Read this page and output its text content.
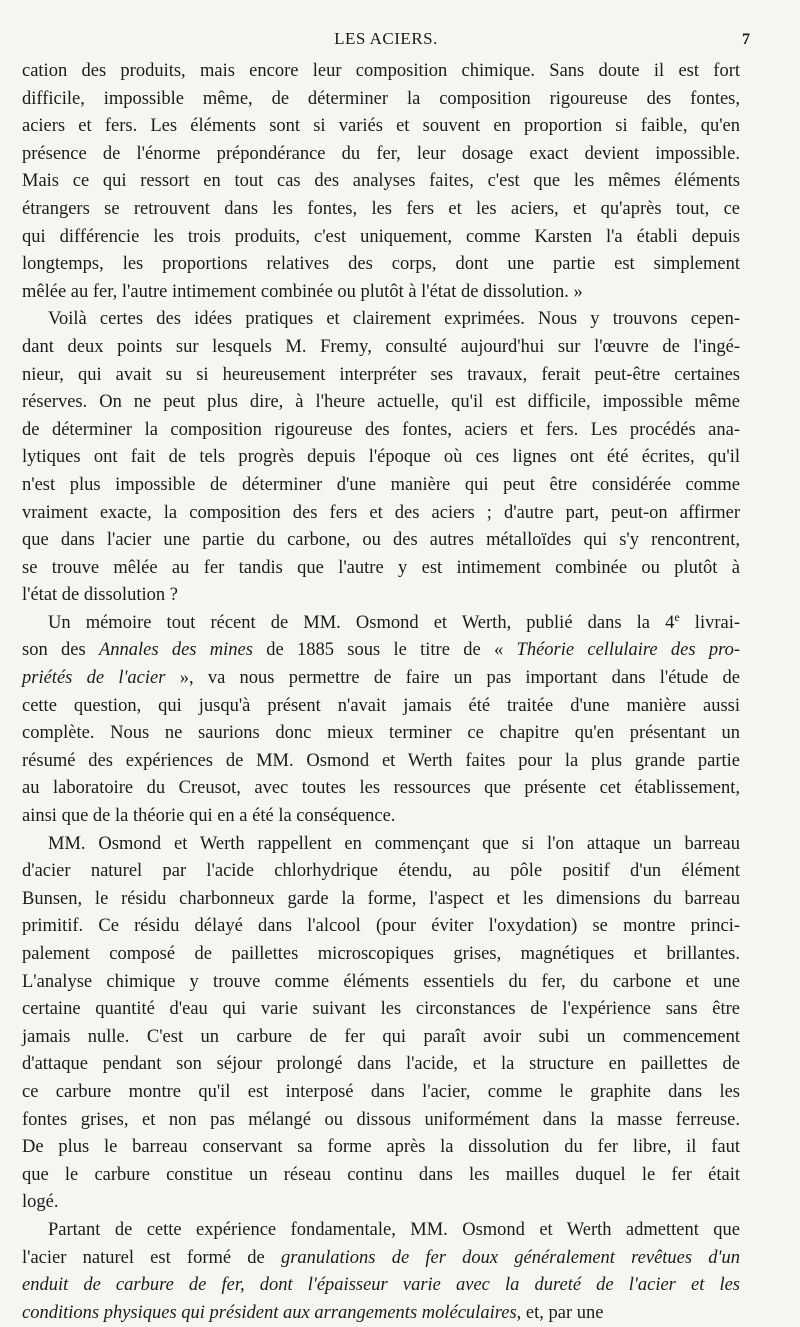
LES ACIERS.	7

cation des produits, mais encore leur composition chimique. Sans doute il est fort
difficile, impossible même, de déterminer la composition rigoureuse des fontes,
aciers et fers. Les éléments sont si variés et souvent en proportion si faible, qu'en
présence de l'énorme prépondérance du fer, leur dosage exact devient impossible.
Mais ce qui ressort en tout cas des analyses faites, c'est que les mêmes éléments
étrangers se retrouvent dans les fontes, les fers et les aciers, et qu'après tout, ce
qui différencie les trois produits, c'est uniquement, comme Karsten l'a établi depuis
longtemps, les proportions relatives des corps, dont une partie est simplement
mêlée au fer, l'autre intimement combinée ou plutôt à l'état de dissolution. »

Voilà certes des idées pratiques et clairement exprimées. Nous y trouvons cepen-
dant deux points sur lesquels M. Fremy, consulté aujourd'hui sur l'œuvre de l'ingé-
nieur, qui avait su si heureusement interpréter ses travaux, ferait peut-être certaines
réserves. On ne peut plus dire, à l'heure actuelle, qu'il est difficile, impossible même
de déterminer la composition rigoureuse des fontes, aciers et fers. Les procédés ana-
lytiques ont fait de tels progrès depuis l'époque où ces lignes ont été écrites, qu'il
n'est plus impossible de déterminer d'une manière qui peut être considérée comme
vraiment exacte, la composition des fers et des aciers ; d'autre part, peut-on affirmer
que dans l'acier une partie du carbone, ou des autres métalloïdes qui s'y rencontrent,
se trouve mêlée au fer tandis que l'autre y est intimement combinée ou plutôt à
l'état de dissolution ?

Un mémoire tout récent de MM. Osmond et Werth, publié dans la 4e livrai-
son des Annales des mines de 1885 sous le titre de « Théorie cellulaire des pro-
priétés de l'acier », va nous permettre de faire un pas important dans l'étude de
cette question, qui jusqu'à présent n'avait jamais été traitée d'une manière aussi
complète. Nous ne saurions donc mieux terminer ce chapitre qu'en présentant un
résumé des expériences de MM. Osmond et Werth faites pour la plus grande partie
au laboratoire du Creusot, avec toutes les ressources que présente cet établissement,
ainsi que de la théorie qui en a été la conséquence.

MM. Osmond et Werth rappellent en commençant que si l'on attaque un barreau
d'acier naturel par l'acide chlorhydrique étendu, au pôle positif d'un élément
Bunsen, le résidu charbonneux garde la forme, l'aspect et les dimensions du barreau
primitif. Ce résidu délayé dans l'alcool (pour éviter l'oxydation) se montre princi-
palement composé de paillettes microscopiques grises, magnétiques et brillantes.
L'analyse chimique y trouve comme éléments essentiels du fer, du carbone et une
certaine quantité d'eau qui varie suivant les circonstances de l'expérience sans être
jamais nulle. C'est un carbure de fer qui paraît avoir subi un commencement
d'attaque pendant son séjour prolongé dans l'acide, et la structure en paillettes de
ce carbure montre qu'il est interposé dans l'acier, comme le graphite dans les
fontes grises, et non pas mélangé ou dissous uniformément dans la masse ferreuse.
De plus le barreau conservant sa forme après la dissolution du fer libre, il faut
que le carbure constitue un réseau continu dans les mailles duquel le fer était
logé.

Partant de cette expérience fondamentale, MM. Osmond et Werth admettent que
l'acier naturel est formé de granulations de fer doux généralement revêtues d'un
enduit de carbure de fer, dont l'épaisseur varie avec la dureté de l'acier et les
conditions physiques qui président aux arrangements moléculaires, et, par une
